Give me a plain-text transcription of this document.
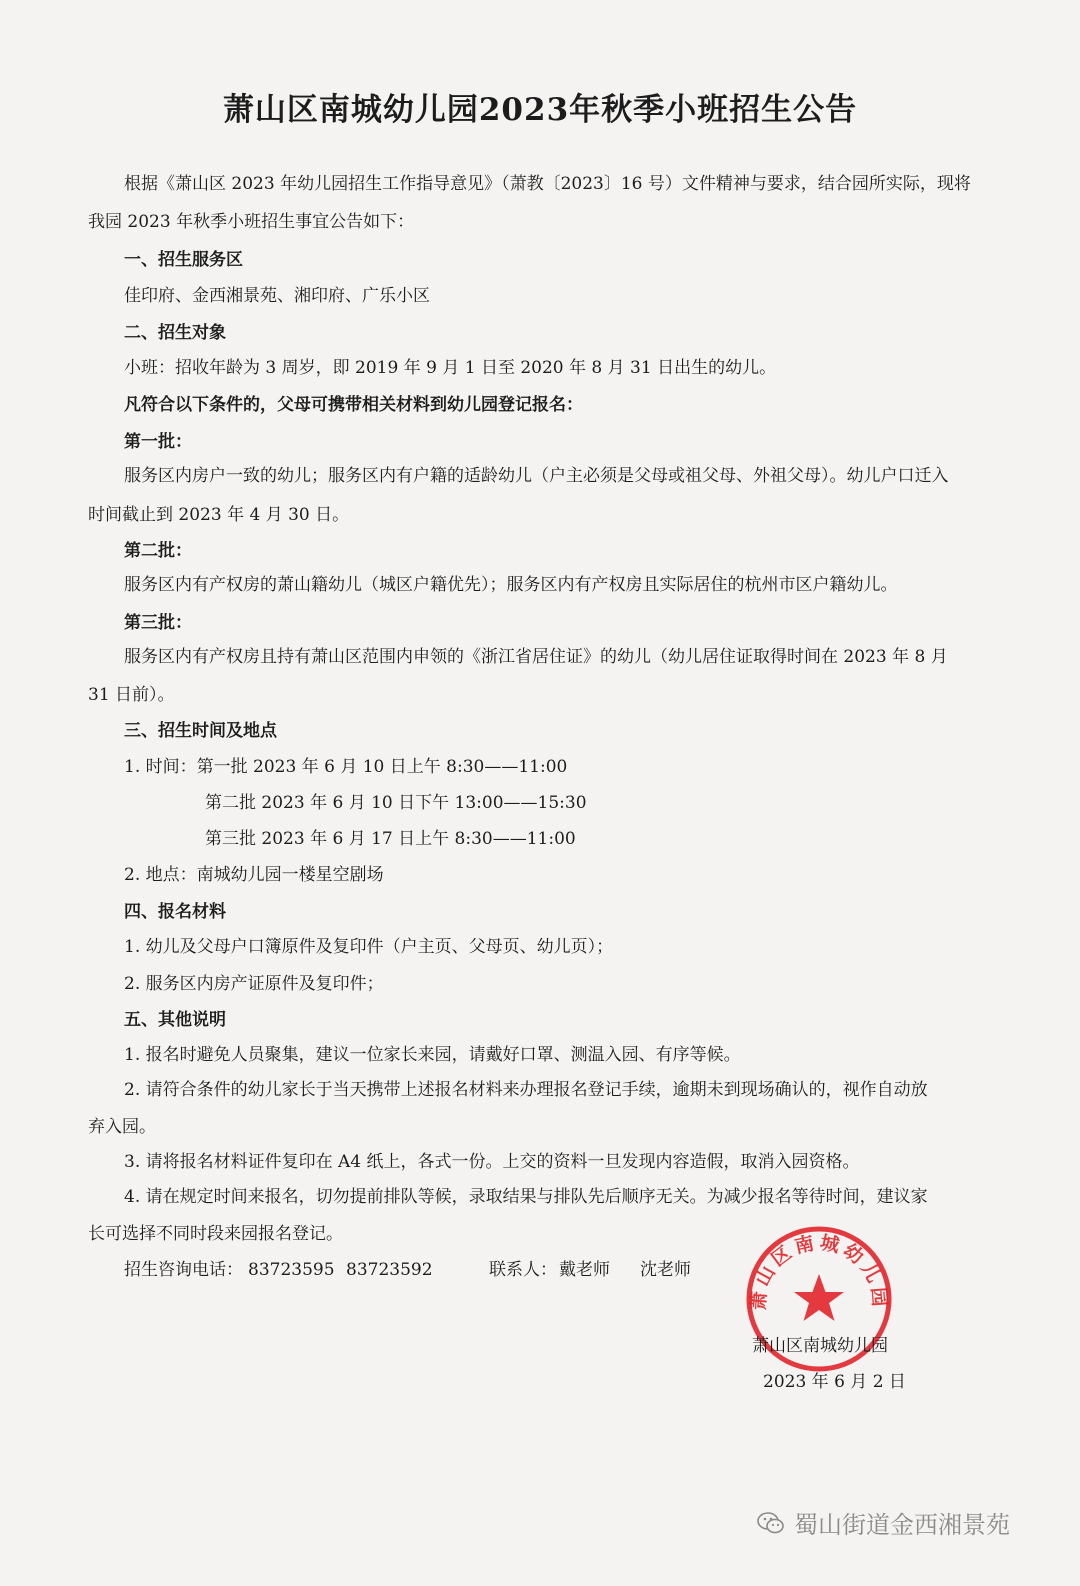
萧山区南城幼儿园2023年秋季小班招生公告
根据《萧山区 2023 年幼儿园招生工作指导意见》（萧教〔2023〕16 号）文件精神与要求，结合园所实际，现将
我园 2023 年秋季小班招生事宜公告如下：
一、招生服务区
佳印府、金西湘景苑、湘印府、广乐小区
二、招生对象
小班：招收年龄为 3 周岁，即 2019 年 9 月 1 日至 2020 年 8 月 31 日出生的幼儿。
凡符合以下条件的，父母可携带相关材料到幼儿园登记报名：
第一批：
服务区内房户一致的幼儿；服务区内有户籍的适龄幼儿（户主必须是父母或祖父母、外祖父母）。幼儿户口迁入
时间截止到 2023 年 4 月 30 日。
第二批：
服务区内有产权房的萧山籍幼儿（城区户籍优先）；服务区内有产权房且实际居住的杭州市区户籍幼儿。
第三批：
服务区内有产权房且持有萧山区范围内申领的《浙江省居住证》的幼儿（幼儿居住证取得时间在 2023 年 8 月
31 日前）。
三、招生时间及地点
1. 时间：第一批 2023 年 6 月 10 日上午 8:30——11:00
第二批 2023 年 6 月 10 日下午 13:00——15:30
第三批 2023 年 6 月 17 日上午 8:30——11:00
2. 地点：南城幼儿园一楼星空剧场
四、报名材料
1. 幼儿及父母户口簿原件及复印件（户主页、父母页、幼儿页）；
2. 服务区内房产证原件及复印件；
五、其他说明
1. 报名时避免人员聚集，建议一位家长来园，请戴好口罩、测温入园、有序等候。
2. 请符合条件的幼儿家长于当天携带上述报名材料来办理报名登记手续，逾期未到现场确认的，视作自动放
弃入园。
3. 请将报名材料证件复印在 A4 纸上，各式一份。上交的资料一旦发现内容造假，取消入园资格。
4. 请在规定时间来报名，切勿提前排队等候，录取结果与排队先后顺序无关。为减少报名等待时间，建议家
长可选择不同时段来园报名登记。
招生咨询电话： 83723595 83723592	联系人： 戴老师 沈老师
萧山区南城幼儿园
萧山区南城幼儿园
2023 年 6 月 2 日
蜀山街道金西湘景苑
